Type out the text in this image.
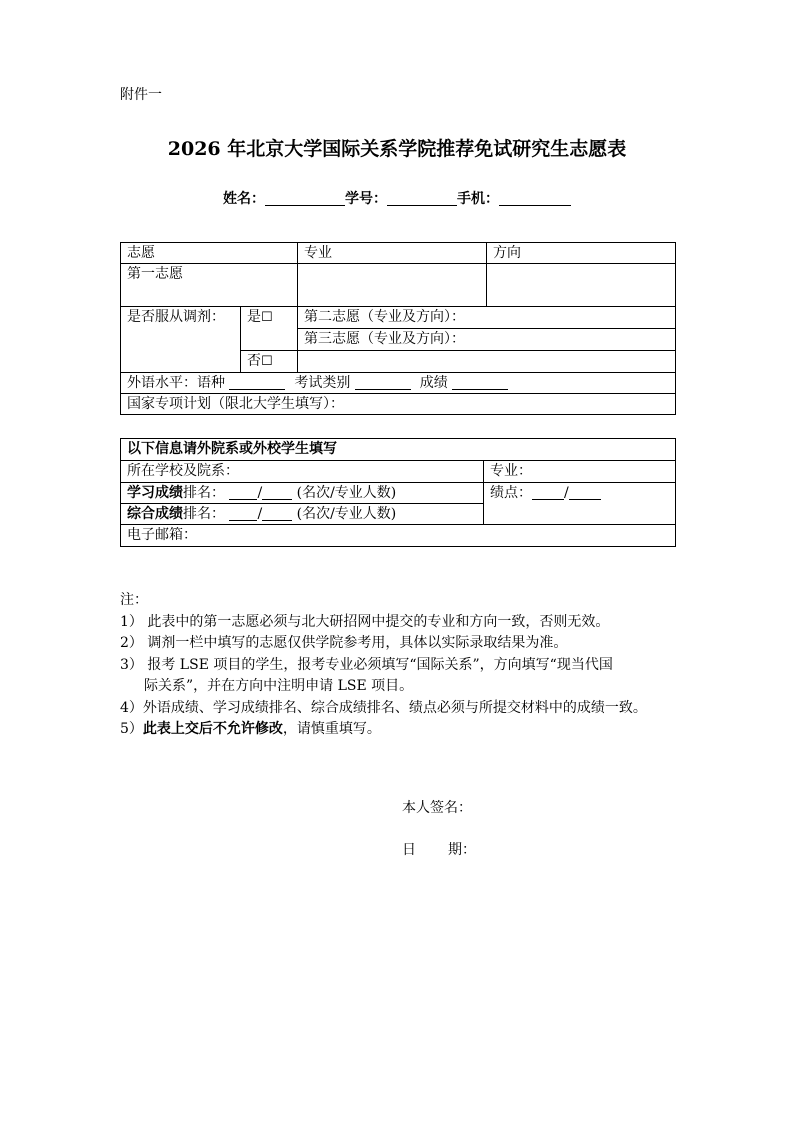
附件一
2026 年北京大学国际关系学院推荐免试研究生志愿表
姓名：	学号：	手机：
志愿		专业	方向
第一志愿			
是否服从调剂：	是☐	第二志愿（专业及方向）：	
		第三志愿（专业及方向）：	
	否☐		
外语水平：语种 考试类别 成绩			
国家专项计划（限北大学生填写）：			
以下信息请外院系或外校学生填写	
所在学校及院系：	专业：
学习成绩排名： / (名次/专业人数)	绩点： /
综合成绩排名： / (名次/专业人数)	
电子邮箱：	

注：

1） 此表中的第一志愿必须与北大研招网中提交的专业和方向一致，否则无效。

2） 调剂一栏中填写的志愿仅供学院参考用，具体以实际录取结果为准。

3） 报考 LSE 项目的学生，报考专业必须填写“国际关系”，方向填写“现当代国

际关系”，并在方向中注明申请 LSE 项目。

4）外语成绩、学习成绩排名、综合成绩排名、绩点必须与所提交材料中的成绩一致。

5）此表上交后不允许修改，请慎重填写。

本人签名：
日 期：
